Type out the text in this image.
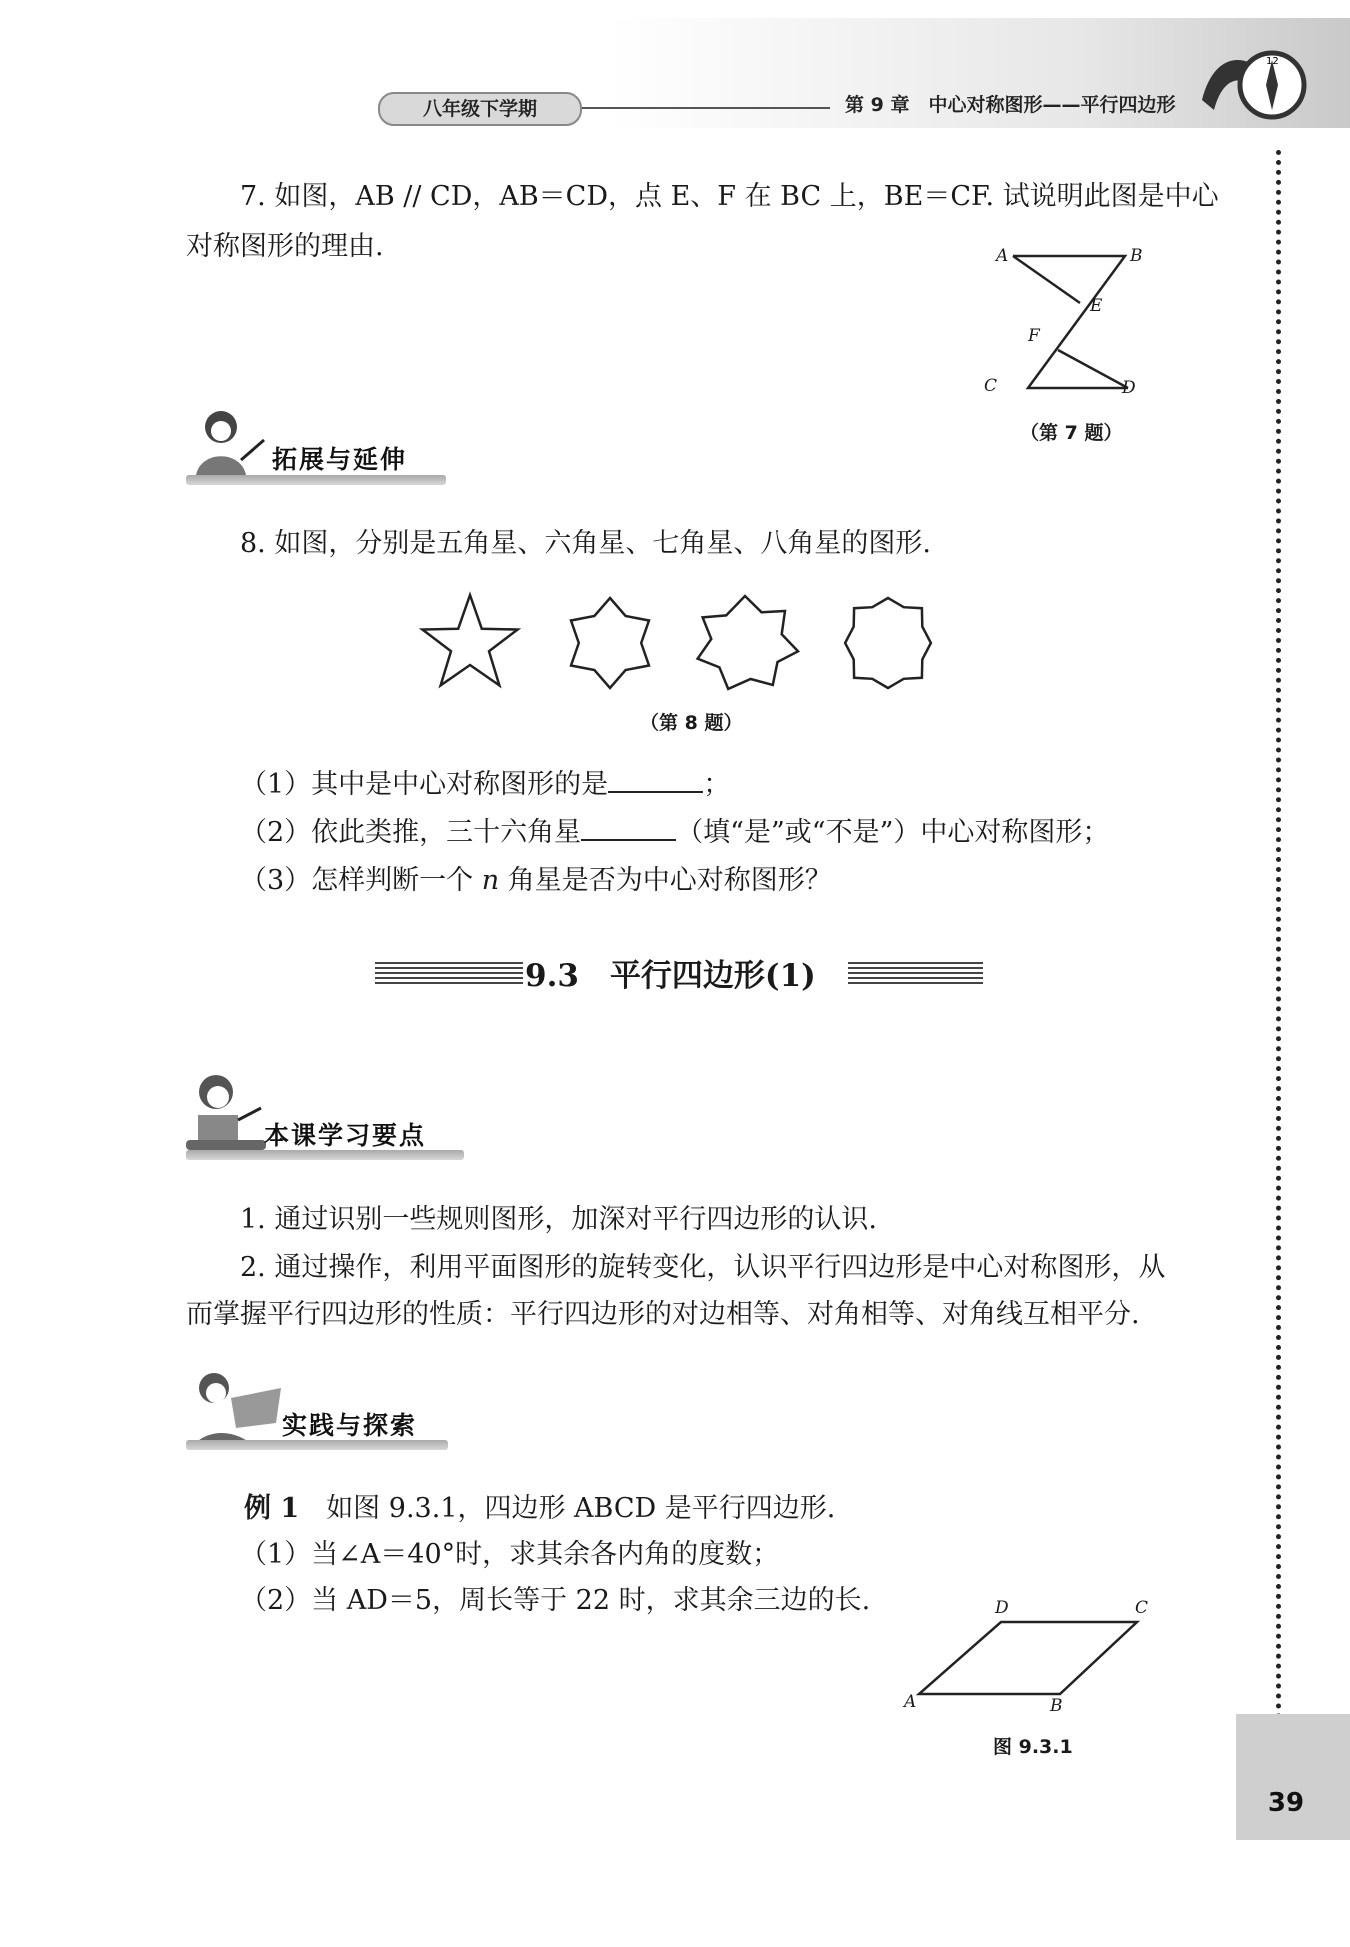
八年级下学期	第 9 章　中心对称图形——平行四边形
12
7. 如图，AB // CD，AB＝CD，点 E、F 在 BC 上，BE＝CF. 试说明此图是中心
对称图形的理由.	A	B
E
F
C	D
（第 7 题）
拓展与延伸
8. 如图，分别是五角星、六角星、七角星、八角星的图形.
（第 8 题）
（1）其中是中心对称图形的是	；
（2）依此类推，三十六角星	（填“是”或“不是”）中心对称图形；
（3）怎样判断一个 n 角星是否为中心对称图形？
9.3　 平行四边形(1)
本课学习要点
1. 通过识别一些规则图形，加深对平行四边形的认识.
2. 通过操作，利用平面图形的旋转变化，认识平行四边形是中心对称图形，从
而掌握平行四边形的性质：平行四边形的对边相等、对角相等、对角线互相平分.
实践与探索
例 1　 如图 9.3.1，四边形 ABCD 是平行四边形.
（1）当∠A＝40°时，求其余各内角的度数；
（2）当 AD＝5，周长等于 22 时，求其余三边的长.	D	C
A	B
图 9.3.1
39
